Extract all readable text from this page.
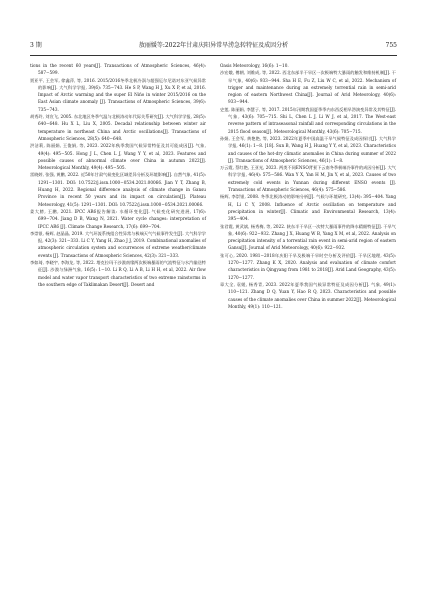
3 期	敖丽媛等:2022年甘肃庆阳异常旱涝急转特征及成因分析	755

tions in the recent 60 years[J]. Transactions of Atmospheric Sciences, 46(4): 587−599.

贾亚平, 王会军, 徐鑫萍, 等, 2016. 2015/2016冬季北极冷涡与超强厄尔尼诺对东亚气候异常的影响[J]. 大气科学学报, 39(6): 735−743. He S P, Wang H J, Xu X P, et al, 2016. Impact of Arctic warming and the super El Niño in winter 2015/2016 on the East Asian climate anomaly [J]. Transactions of Atmospheric Sciences, 39(6): 735−743.

胡秀玲, 刘宣飞, 2005. 东北地区冬季气温与北极涛动年代际关系研究[J]. 大气科学学报, 28(5): 640−648. Hu X L, Liu X, 2005. Decadal relationship between winter air temperature in northeast China and Arctic oscillations[J]. Transactions of Atmospheric Sciences, 28(5): 640−648.

洪洁莉, 陈丽娟, 王俊娟, 等, 2023. 2022年秋季我国气候异常特征及其可能成因[J]. 气象, 49(4): 495−505. Hong J L, Chen L J, Wang Y Y, et al, 2023. Features and possible causes of abnormal climate over China in autumn 2022[J]. Meteorological Monthly, 49(4): 495−505.

雷晓婷, 张强, 黄鹏, 2022. 近50年甘肃气候变化区域差异分析及环境影响[J]. 自然气象, 41(5): 1291−1301. DOI: 10.7522/j.issn.1000−0534.2021.00066. Jian Y T, Zhang B, Huang H, 2022. Regional difference analysis of climate change in Gansu Province in recent 50 years and its impact on circulation[J]. Plateau Meteorology, 41(5): 1291−1301. DOI: 10.7522/j.issn.1000−0534.2021.00066.

姜大膀, 王鹏, 2021. IPCC AR6报告解读: 水循环变化[J]. 气候变化研究进展, 17(6): 699−704. Jiang D B, Wang N, 2021. Water cycle changes: interpretation of IPCC AR6 [J]. Climate Change Research, 17(6): 699−704.

李崇银, 杨辉, 赵晶晶, 2019. 大气环流系统组合性异常与极端天气气候事件发生[J]. 大气科学学报, 42(3): 321−333. Li C Y, Yang H, Zhao J J, 2019. Combinational anomalies of atmospheric circulation system and occurrences of extreme weather/climate events [J]. Transactions of Atmospheric Sciences, 42(3): 321−333.

李如琦, 李晓宇, 李海龙, 等, 2022. 塔克拉玛干沙漠南缘两次极端暴雨的气流特征与水汽输送特征[J]. 沙漠与绿洲气象, 16(5): 1−10. Li R Q, Li A B, Li H H, et al, 2022. Air flow model and water vapor transport characteristics of two extreme rainstorms in the southern edge of Taklimakan Desert[J]. Desert and

Oasis Meteorology, 16(6): 1−10.

沙宏娥, 傅朝, 刘维成, 等, 2022. 西北东部半干旱区一次极端特大暴雨的触发和维持机制[J]. 干旱气象, 40(6): 933−944. Sha H E, Fu Z, Liu W C, et al, 2022. Mechanism of trigger and maintenance during an extremely torrential rain in semi-arid region of eastern Northwest China[J]. Journal of Arid Meteorology, 40(6): 933−944.

史莲, 陈丽娟, 李慧子, 等, 2017. 2015年汛期我国夏季季内东西反相旱涝演变异常及其特征[J]. 气象, 43(6): 705−715. Shi L, Chen L J, Li W J, et al, 2017. The West-east reverse pattern of intraseasonal rainfall and corresponding circulations in the 2015 flood season[J]. Meteorological Monthly, 43(6): 705−715.

孙娟, 王会军, 黄艳艳, 等, 2023. 2022年夏季中国高温干旱气候特征及成因探讨[J]. 大气科学学报, 46(1): 1−8. [18]. Sun B, Wang H J, Huang Y Y, et al, 2023. Characteristics and causes of the hot-dry climatic anomalies in China during summer of 2022 [J]. Transactions of Atmospheric Sciences, 46(1): 1−8.

万云霞, 蔡红艳, 王亚光, 2023. 两类不同ENSO背景下云南冬季极端冷事件的成因分析[J]. 大气科学学报, 46(4): 575−586. Wan Y X, Yan H M, Jin Y, et al, 2023. Causes of two extremely cold events in Yunnan during different ENSO events [J]. Transactions of Atmospheric Sciences, 46(4): 575−586.

杨辉, 李崇银, 2008. 冬季北极涛动的影响分析[J]. 气候与环境研究, 13(4): 395−404. Yang H, Li C Y, 2008. Influence of Arctic oscillation on temperature and precipitation in winter[J]. Climatic and Environmental Research, 13(4): 395−404.

张君霞, 黄武斌, 杨秀梅, 等, 2022. 陕东半干旱区一次特大暴雨事件的降水精细特征[J]. 干旱气象, 40(6): 922−932. Zhang J X, Huang W B, Yang X M, et al, 2022. Analysis on precipitation intensity of a torrential rain event in semi-arid region of eastern Gansu[J]. Journal of Arid Meteorology, 40(6): 922−932.

张可心, 2020. 1981−2018年庆阳干旱及极端干旱时空分析及评价[J]. 干旱区地理, 43(5): 1270−1277. Zhang K X, 2020. Analysis and evaluation of climate comfort characteristics in Qingyang from 1981 to 2018[J]. Arid Land Geography, 43(5): 1270−1277.

章大全, 袁媛, 杨秀青, 2023. 2022年夏季我国气候异常特征及成因分析[J]. 气象, 49(1): 110−121. Zhang D Q, Yuan Y, Hao R Q, 2023. Characteristics and possible causes of the climate anomalies over China in summer 2022[J]. Meteorological Monthly, 49(1): 110−121.
